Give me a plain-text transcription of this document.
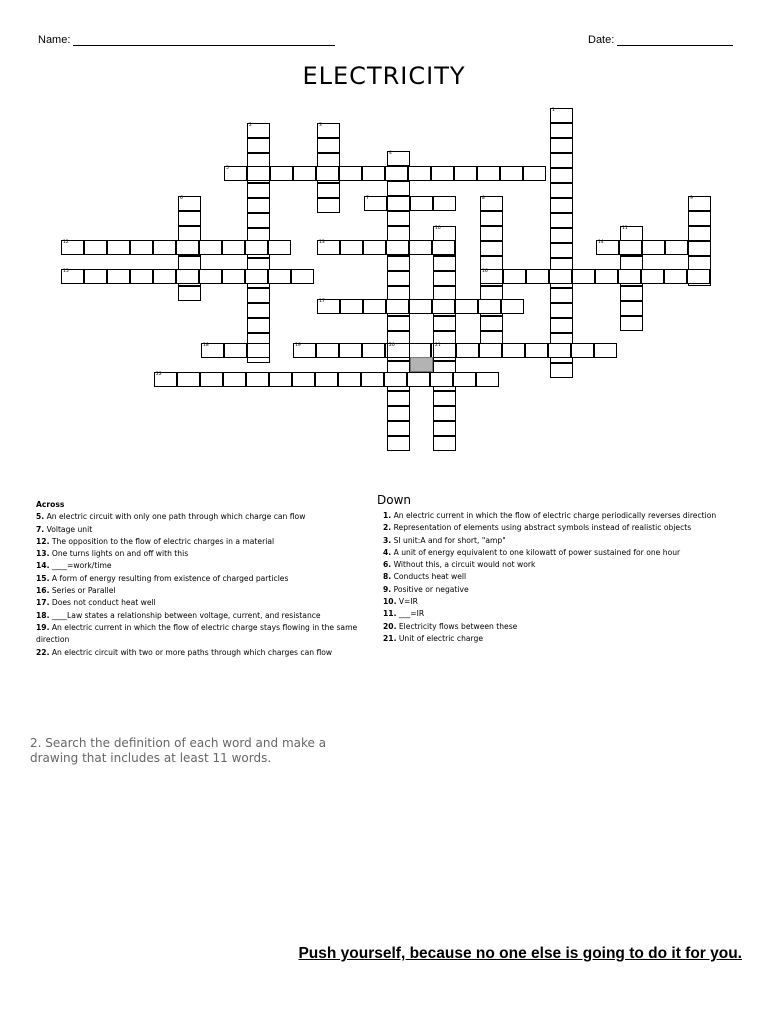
Name:	Date:
ELECTRICITY
1
2	3
4
6	8	9
10	11
5
7
12	13	14
15	16
17
18	19	20	21
22
Across
5. An electric circuit with only one path through which charge can flow
7. Voltage unit
12. The opposition to the flow of electric charges in a material
13. One turns lights on and off with this
14. ____=work/time
15. A form of energy resulting from existence of charged particles
16. Series or Parallel
17. Does not conduct heat well
18. ____Law states a relationship between voltage, current, and resistance
19. An electric current in which the flow of electric charge stays flowing in the same direction
22. An electric circuit with two or more paths through which charges can flow
Down
1. An electric current in which the flow of electric charge periodically reverses direction
2. Representation of elements using abstract symbols instead of realistic objects
3. SI unit:A and for short, "amp"
4. A unit of energy equivalent to one kilowatt of power sustained for one hour
6. Without this, a circuit would not work
8. Conducts heat well
9. Positive or negative
10. V=IR
11. ___=IR
20. Electricity flows between these
21. Unit of electric charge
2. Search the definition of each word and make a drawing that includes at least 11 words.
Push yourself, because no one else is going to do it for you.
